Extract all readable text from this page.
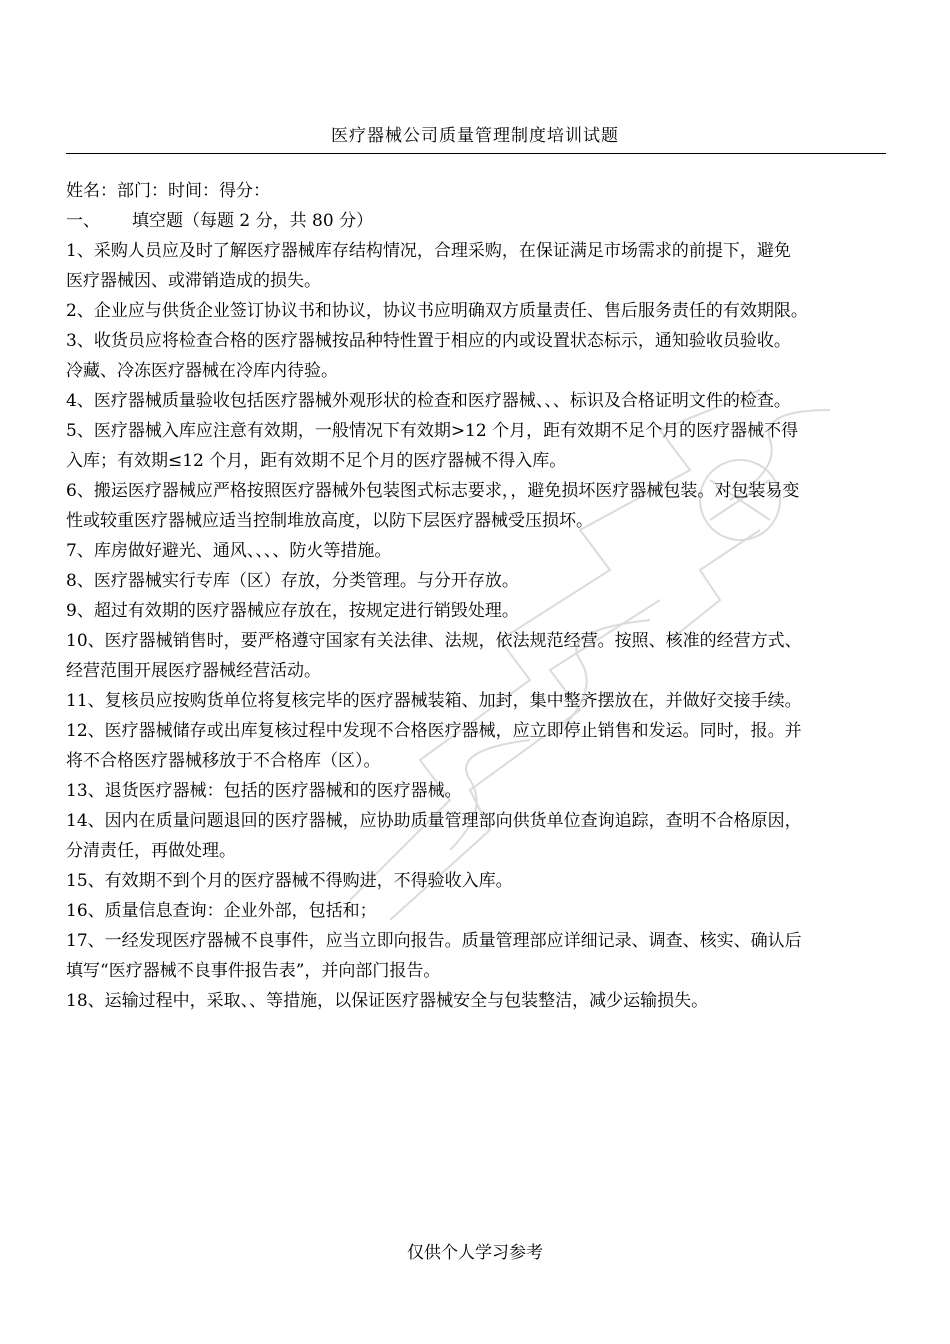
医疗器械公司质量管理制度培训试题
姓名：部门：时间：得分：
一、 填空题（每题 2 分，共 80 分）
1、采购人员应及时了解医疗器械库存结构情况，合理采购，在保证满足市场需求的前提下，避免
医疗器械因、或滞销造成的损失。
2、企业应与供货企业签订协议书和协议，协议书应明确双方质量责任、售后服务责任的有效期限。
3、收货员应将检查合格的医疗器械按品种特性置于相应的内或设置状态标示，通知验收员验收。
冷藏、冷冻医疗器械在冷库内待验。
4、医疗器械质量验收包括医疗器械外观形状的检查和医疗器械、、、标识及合格证明文件的检查。
5、医疗器械入库应注意有效期，一般情况下有效期>12 个月，距有效期不足个月的医疗器械不得
入库；有效期≤12 个月，距有效期不足个月的医疗器械不得入库。
6、搬运医疗器械应严格按照医疗器械外包装图式标志要求，，避免损坏医疗器械包装。对包装易变
性或较重医疗器械应适当控制堆放高度，以防下层医疗器械受压损坏。
7、库房做好避光、通风、、、、防火等措施。
8、医疗器械实行专库（区）存放，分类管理。与分开存放。
9、超过有效期的医疗器械应存放在，按规定进行销毁处理。
10、医疗器械销售时，要严格遵守国家有关法律、法规，依法规范经营。按照、核准的经营方式、
经营范围开展医疗器械经营活动。
11、复核员应按购货单位将复核完毕的医疗器械装箱、加封，集中整齐摆放在，并做好交接手续。
12、医疗器械储存或出库复核过程中发现不合格医疗器械，应立即停止销售和发运。同时，报。并
将不合格医疗器械移放于不合格库（区）。
13、退货医疗器械：包括的医疗器械和的医疗器械。
14、因内在质量问题退回的医疗器械，应协助质量管理部向供货单位查询追踪，查明不合格原因，
分清责任，再做处理。
15、有效期不到个月的医疗器械不得购进，不得验收入库。
16、质量信息查询：企业外部，包括和；
17、一经发现医疗器械不良事件，应当立即向报告。质量管理部应详细记录、调查、核实、确认后
填写“医疗器械不良事件报告表”，并向部门报告。
18、运输过程中，采取、、等措施，以保证医疗器械安全与包装整洁，减少运输损失。
仅供个人学习参考
